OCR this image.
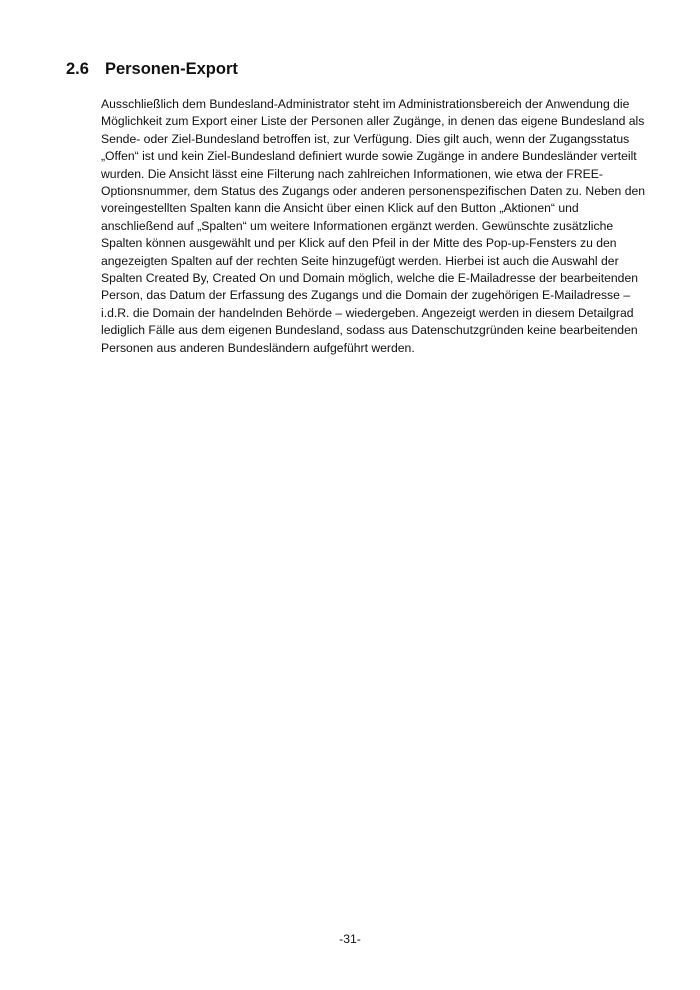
2.6 Personen-Export

Ausschließlich dem Bundesland-Administrator steht im Administrationsbereich der Anwendung die
Möglichkeit zum Export einer Liste der Personen aller Zugänge, in denen das eigene Bundesland als
Sende- oder Ziel-Bundesland betroffen ist, zur Verfügung. Dies gilt auch, wenn der Zugangsstatus
„Offen“ ist und kein Ziel-Bundesland definiert wurde sowie Zugänge in andere Bundesländer verteilt
wurden. Die Ansicht lässt eine Filterung nach zahlreichen Informationen, wie etwa der FREE-
Optionsnummer, dem Status des Zugangs oder anderen personenspezifischen Daten zu. Neben den
voreingestellten Spalten kann die Ansicht über einen Klick auf den Button „Aktionen“ und
anschließend auf „Spalten“ um weitere Informationen ergänzt werden. Gewünschte zusätzliche
Spalten können ausgewählt und per Klick auf den Pfeil in der Mitte des Pop-up-Fensters zu den
angezeigten Spalten auf der rechten Seite hinzugefügt werden. Hierbei ist auch die Auswahl der
Spalten Created By, Created On und Domain möglich, welche die E-Mailadresse der bearbeitenden
Person, das Datum der Erfassung des Zugangs und die Domain der zugehörigen E-Mailadresse –
i.d.R. die Domain der handelnden Behörde – wiedergeben. Angezeigt werden in diesem Detailgrad
lediglich Fälle aus dem eigenen Bundesland, sodass aus Datenschutzgründen keine bearbeitenden
Personen aus anderen Bundesländern aufgeführt werden.

-31-
